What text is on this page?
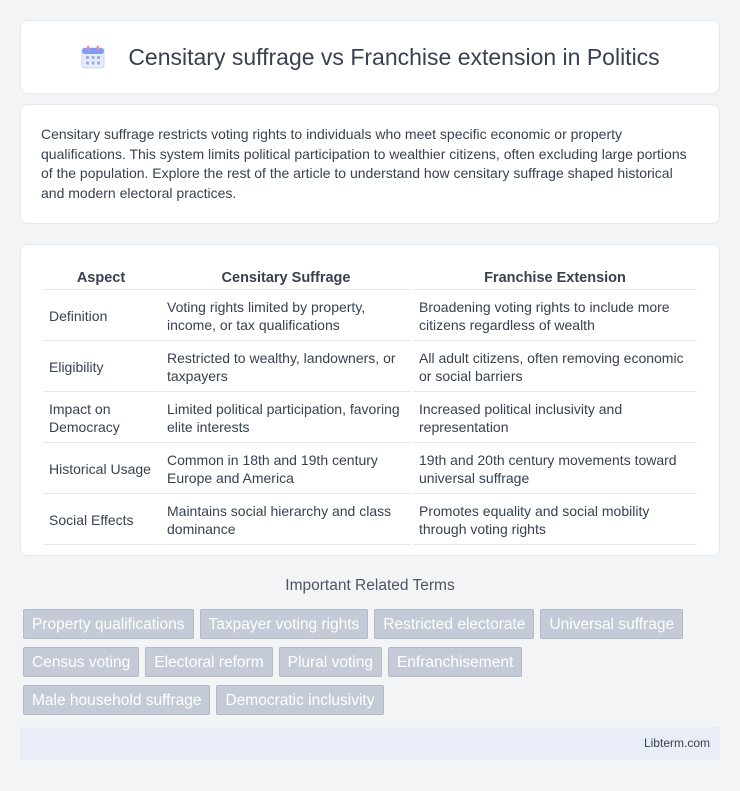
Censitary suffrage vs Franchise extension in Politics

Censitary suffrage restricts voting rights to individuals who meet specific economic or property qualifications. This system limits political participation to wealthier citizens, often excluding large portions of the population. Explore the rest of the article to understand how censitary suffrage shaped historical and modern electoral practices.

Aspect	Censitary Suffrage	Franchise Extension
Definition	Voting rights limited by property, income, or tax qualifications	Broadening voting rights to include more citizens regardless of wealth
Eligibility	Restricted to wealthy, landowners, or taxpayers	All adult citizens, often removing economic or social barriers
Impact on Democracy	Limited political participation, favoring elite interests	Increased political inclusivity and representation
Historical Usage	Common in 18th and 19th century Europe and America	19th and 20th century movements toward universal suffrage
Social Effects	Maintains social hierarchy and class dominance	Promotes equality and social mobility through voting rights
Important Related Terms
Property qualifications	Taxpayer voting rights	Restricted electorate	Universal suffrage
Census voting	Electoral reform	Plural voting	Enfranchisement
Male household suffrage	Democratic inclusivity
Libterm.com
